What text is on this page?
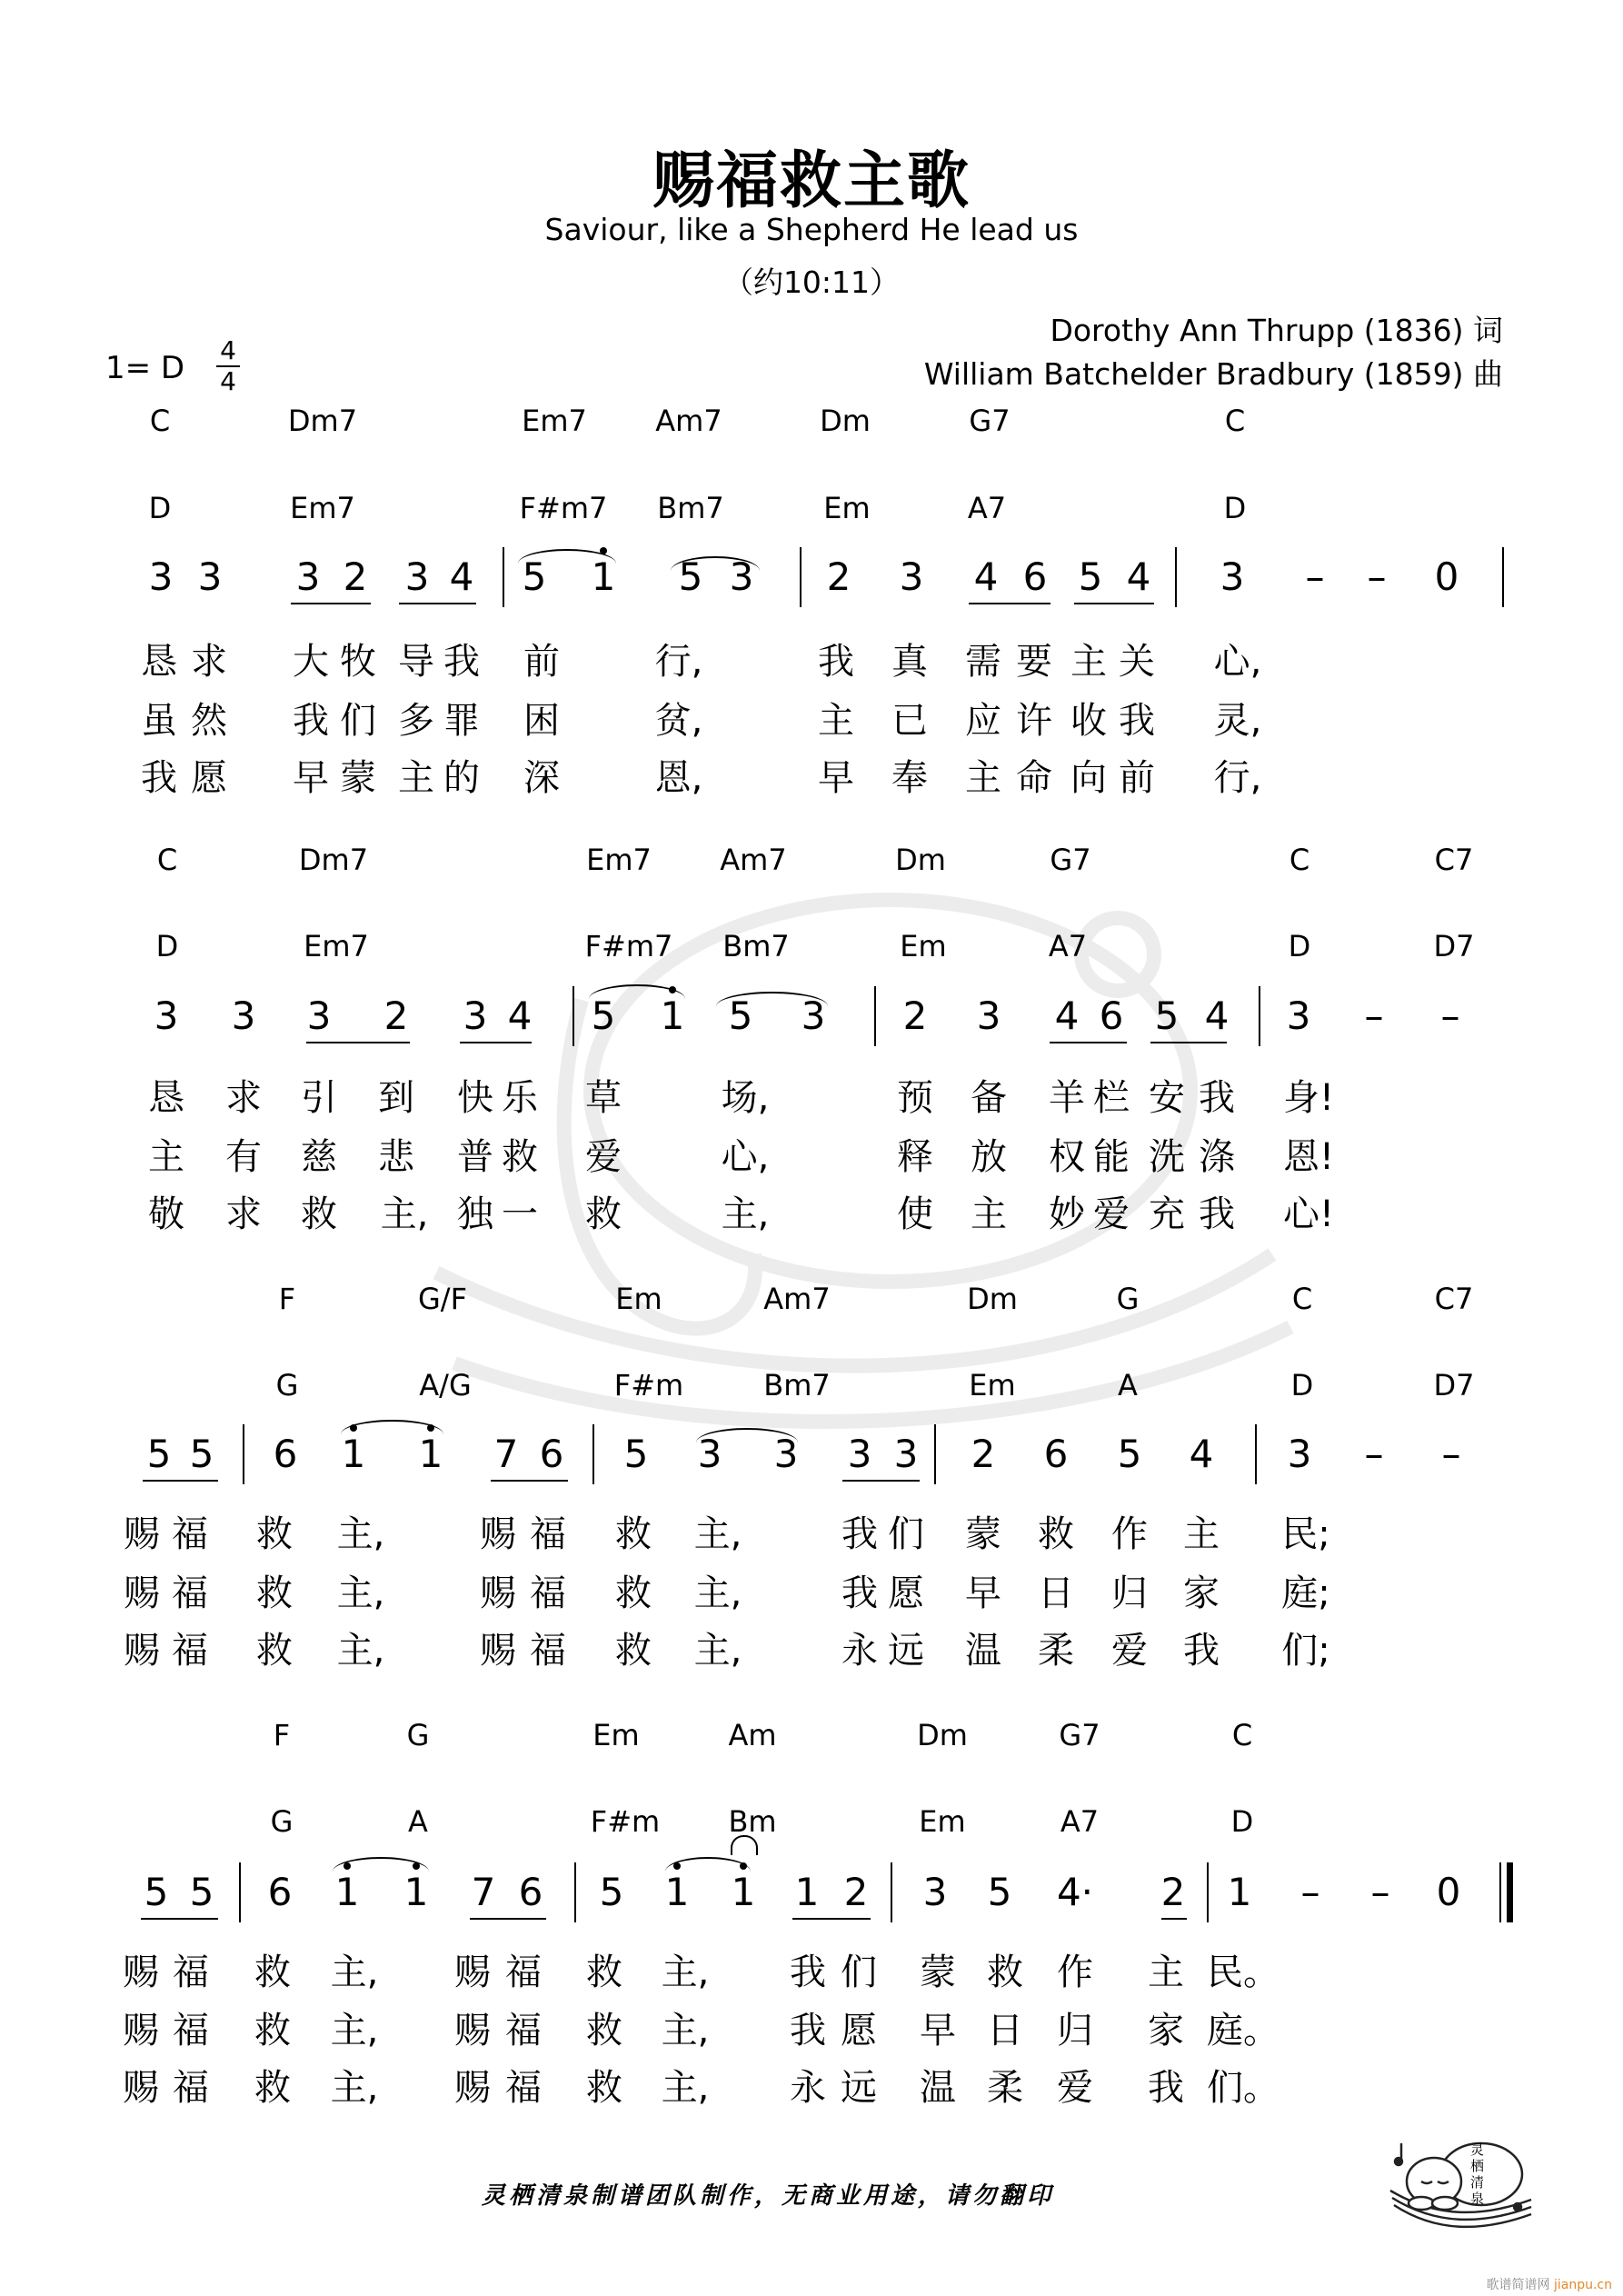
赐福救主歌
Saviour, like a Shepherd He lead us
（约10:11）
Dorothy Ann Thrupp (1836) 词
William Batchelder Bradbury (1859) 曲
1= D 4
4
C	Dm7	Em7 Am7	Dm	G7	C
D	Em7	F#m7 Bm7	Em	A7	D
3 3 3 2 3 4 5 1 5 3 2 3 4 6 5 4 3 – – 0
恳 求 大 牧 导 我 前	行,	我 真 需 要 主 关 心,
虽 然 我 们 多 罪 困	贫,	主 已 应 许 收 我 灵,
我 愿 早 蒙 主 的 深	恩,	早 奉 主 命 向 前 行,
C	Dm7	Em7 Am7	Dm	G7	C	C7
D	Em7	F#m7 Bm7	Em	A7	D	D7
3 3 3 2 3 4 5 1 5 3 2 3 4 6 5 4 3 – –
恳 求 引 到 快 乐 草	场,	预 备 羊 栏 安 我 身!
主 有 慈 悲 普 救 爱	心,	释 放 权 能 洗 涤 恩!
敬 求 救 主, 独 一 救	主,	使 主 妙 爱 充 我 心!
F	G/F	Em	Am7	Dm	G	C	C7
G	A/G	F#m	Bm7	Em	A	D	D7
5 5 6 1 1 7 6 5 3 3 3 3 2 6 5 4 3 – –
赐 福 救 主,	赐 福 救 主,	我 们 蒙 救 作 主 民;
赐 福 救 主,	赐 福 救 主,	我 愿 早 日 归 家 庭;
赐 福 救 主,	赐 福 救 主,	永 远 温 柔 爱 我 们;
F	G	Em	Am	Dm	G7	C
G	A	F#m Bm	Em	A7	D
5 5 6 1 1 7 6 5 1 1 1 2 3 5 4· 2 1 – – 0
赐 福 救 主, 赐 福 救 主, 我 们 蒙 救 作 主 民。
赐 福 救 主, 赐 福 救 主, 我 愿 早 日 归 家 庭。
赐 福 救 主, 赐 福 救 主, 永 远 温 柔 爱 我 们。
灵栖清泉制谱团队制作，无商业用途，请勿翻印
灵栖清泉
歌谱简谱网 jianpu.cn
